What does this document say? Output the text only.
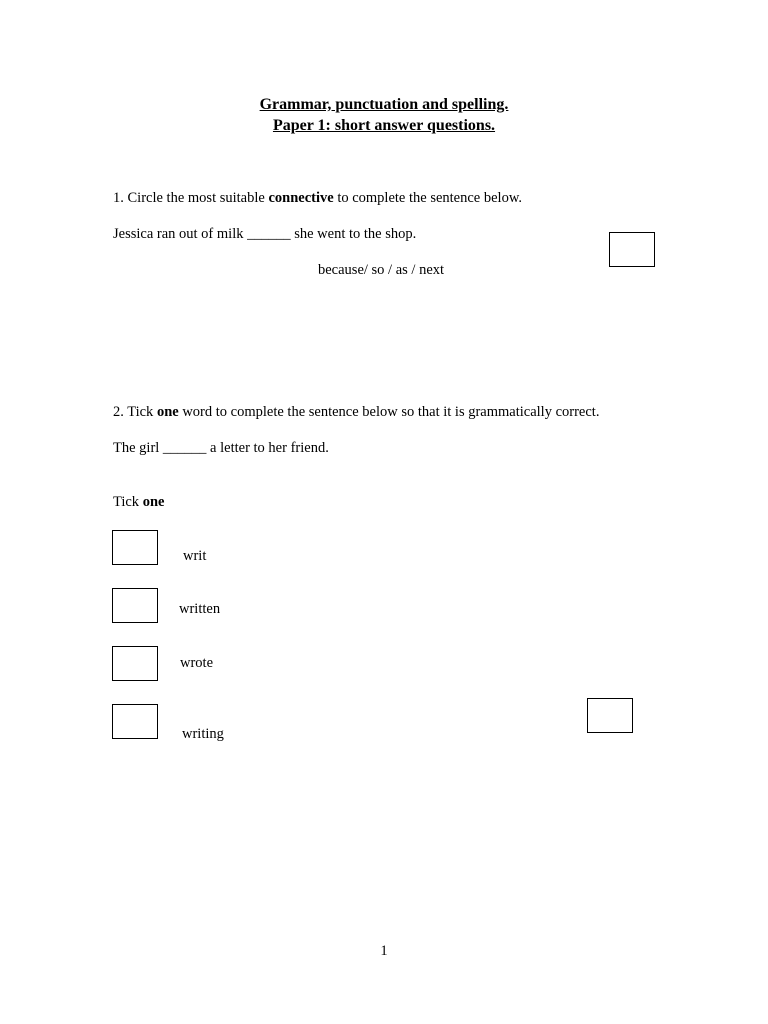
Grammar, punctuation and spelling.
Paper 1: short answer questions.
1. Circle the most suitable connective to complete the sentence below.
Jessica ran out of milk ______ she went to the shop.
because/ so / as / next
2. Tick one word to complete the sentence below so that it is grammatically correct.
The girl ______ a letter to her friend.
Tick one
writ
written
wrote
writing
1
